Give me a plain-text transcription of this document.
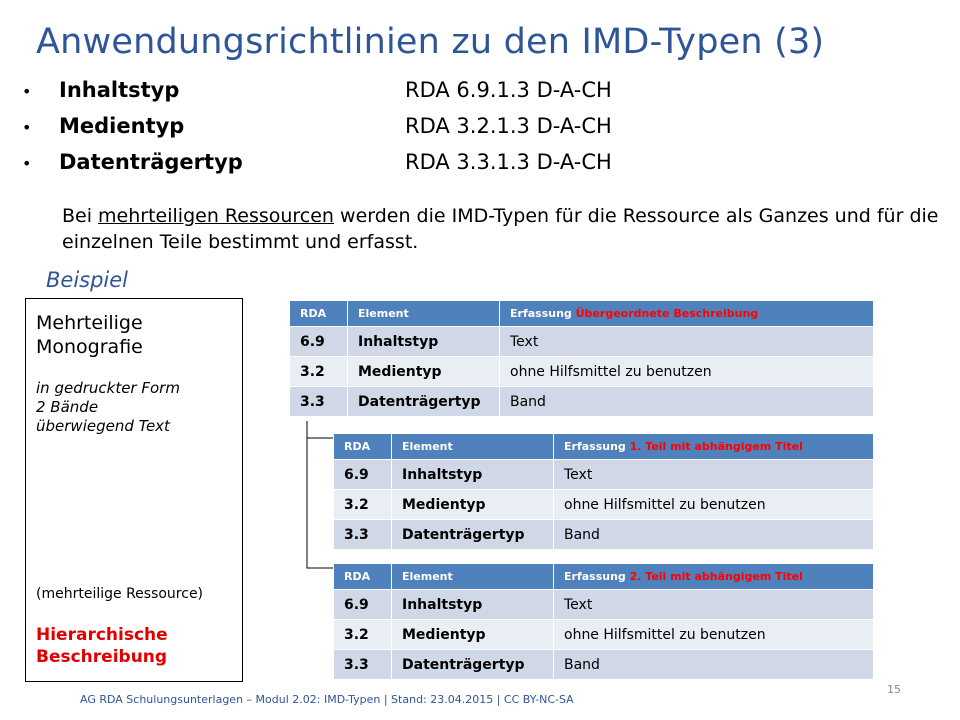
Anwendungsrichtlinien zu den IMD-Typen (3)
• Inhaltstyp	RDA 6.9.1.3 D-A-CH
• Medientyp	RDA 3.2.1.3 D-A-CH
• Datenträgertyp	RDA 3.3.1.3 D-A-CH

Bei mehrteiligen Ressourcen werden die IMD-Typen für die Ressource als Ganzes und für die einzelnen Teile bestimmt und erfasst.

Beispiel
Mehrteilige
Monografie
in gedruckter Form
2 Bände
überwiegend Text
(mehrteilige Ressource)
Hierarchische
Beschreibung
RDA	Element	Erfassung Übergeordnete Beschreibung
6.9	Inhaltstyp	Text
3.2	Medientyp	ohne Hilfsmittel zu benutzen
3.3	Datenträgertyp	Band
RDA	Element	Erfassung 1. Teil mit abhängigem Titel
6.9	Inhaltstyp	Text
3.2	Medientyp	ohne Hilfsmittel zu benutzen
3.3	Datenträgertyp	Band
RDA	Element	Erfassung 2. Teil mit abhängigem Titel
6.9	Inhaltstyp	Text
3.2	Medientyp	ohne Hilfsmittel zu benutzen
3.3	Datenträgertyp	Band
15
AG RDA Schulungsunterlagen – Modul 2.02: IMD-Typen | Stand: 23.04.2015 | CC BY-NC-SA
